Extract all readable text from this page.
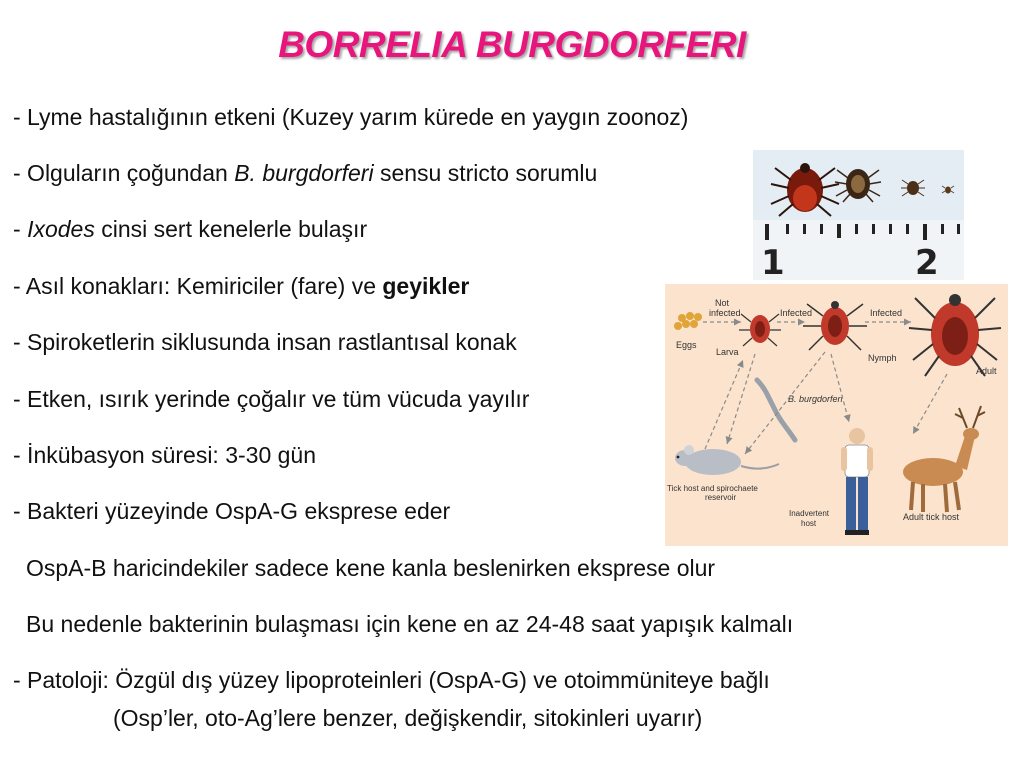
BORRELIA BURGDORFERI
- Lyme hastalığının etkeni (Kuzey yarım kürede en yaygın zoonoz)
- Olguların çoğundan B. burgdorferi sensu stricto sorumlu
- Ixodes cinsi sert kenelerle bulaşır
- Asıl konakları: Kemiriciler (fare) ve geyikler
- Spiroketlerin siklusunda insan rastlantısal konak
- Etken, ısırık yerinde çoğalır ve tüm vücuda yayılır
- İnkübasyon süresi: 3-30 gün
- Bakteri yüzeyinde OspA-G eksprese eder
OspA-B haricindekiler sadece kene kanla beslenirken eksprese olur
Bu nedenle bakterinin bulaşması için kene en az 24-48 saat yapışık kalmalı
- Patoloji: Özgül dış yüzey lipoproteinleri (OspA-G) ve otoimmüniteye bağlı
(Osp’ler, oto-Ag’lere benzer, değişkendir, sitokinleri uyarır)
1	2
Eggs
Larva
Nymph
Adult
Not
infected	Infected	Infected
B. burgdorferi
Tick host and spirochaete
reservoir
Inadvertent
host
Adult tick host
